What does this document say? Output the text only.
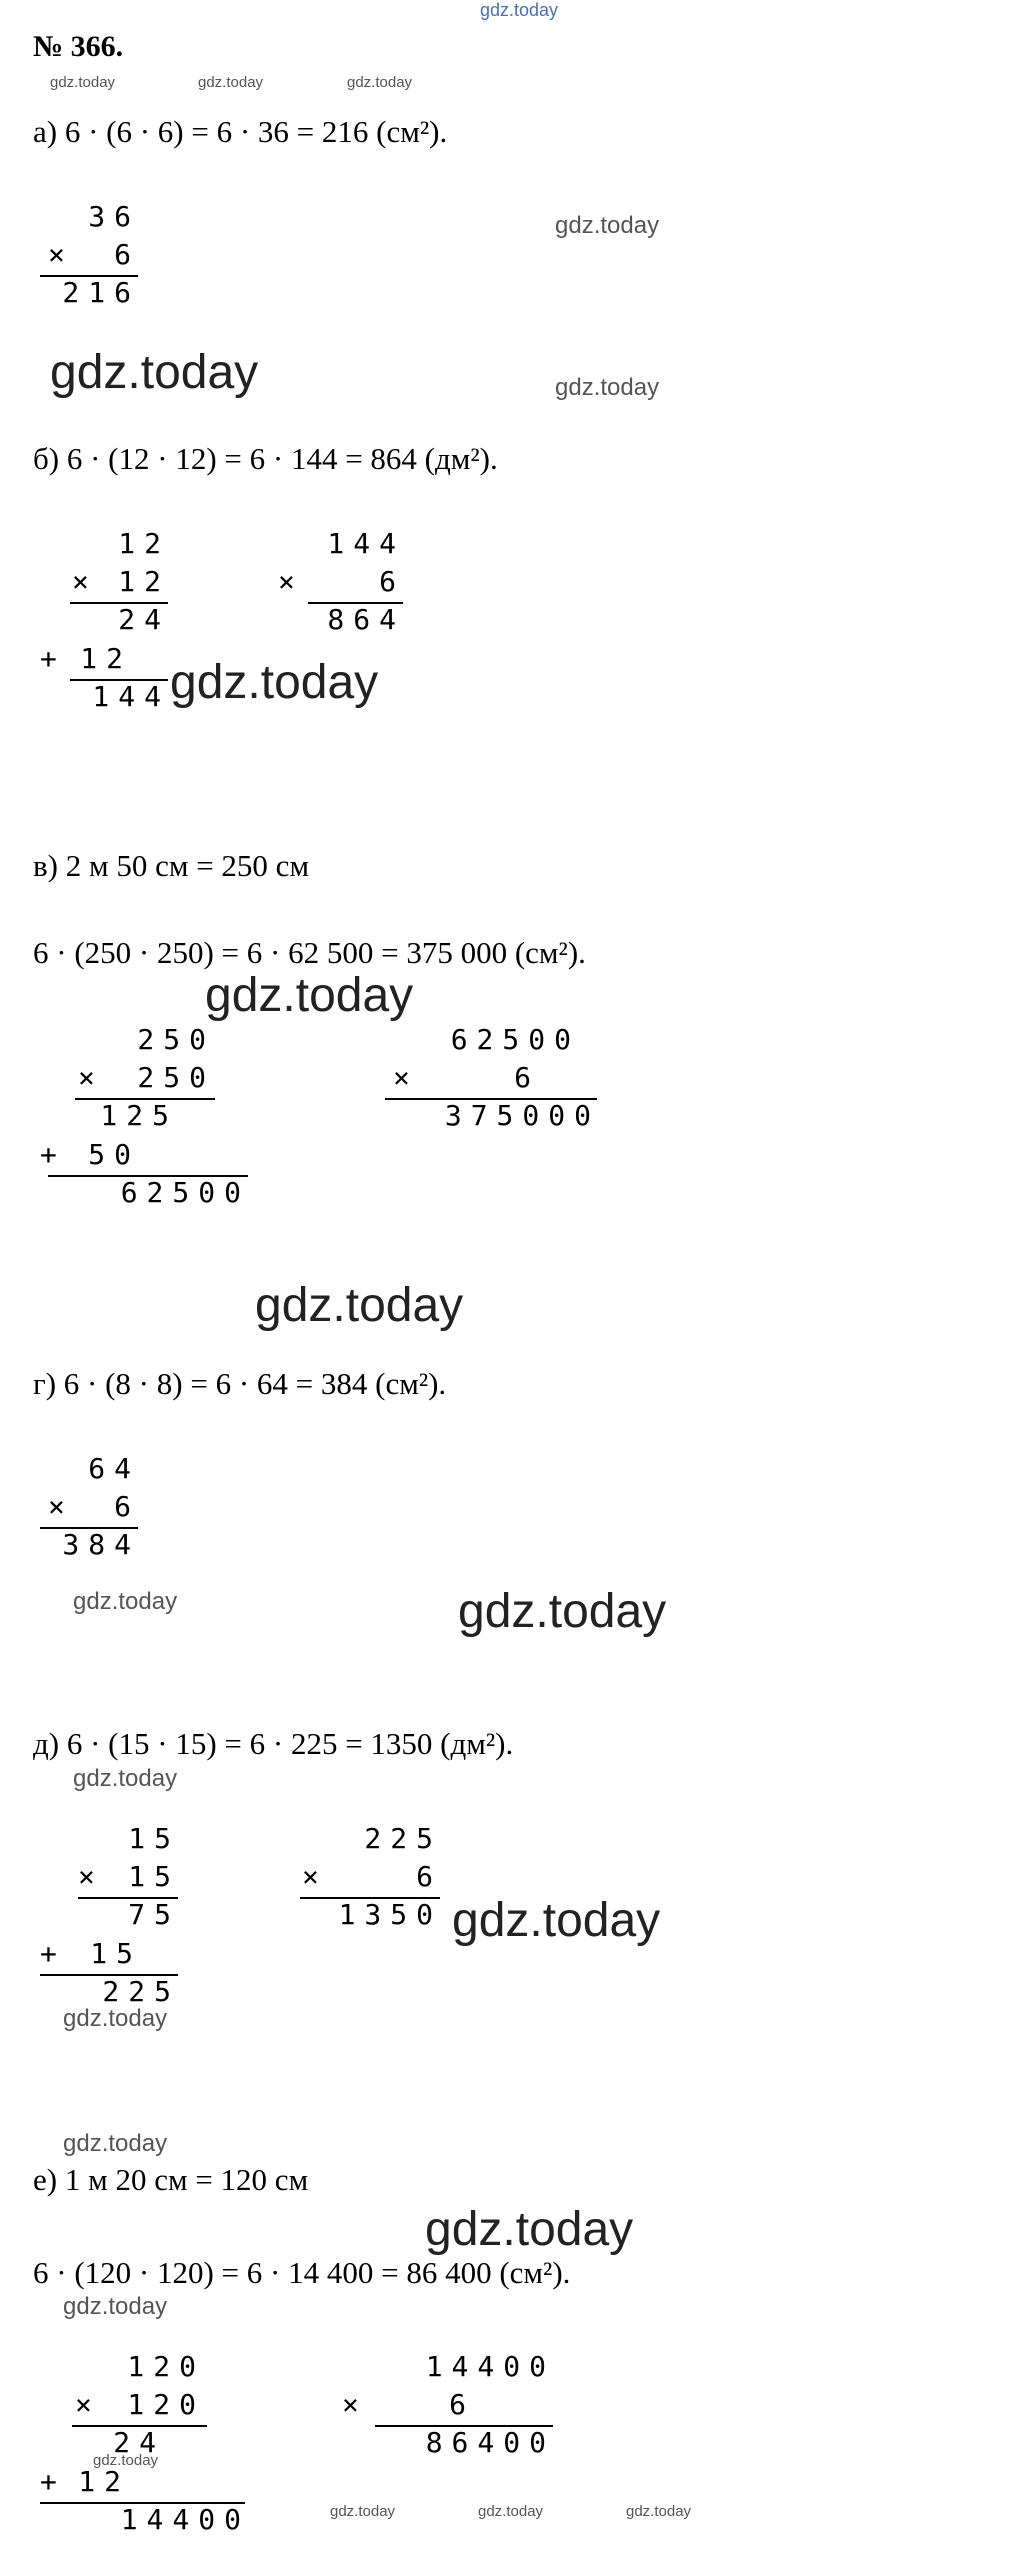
gdz.today
№ 366.
gdz.today	gdz.today	gdz.today
а) 6 · (6 · 6) = 6 · 36 = 216 (см²).
36
× 6
216
gdz.today
gdz.today	gdz.today
б) 6 · (12 · 12) = 6 · 144 = 864 (дм²).
12
× 12
24
+ 12
144
144
×	6
864
gdz.today
в) 2 м 50 см = 250 см
6 · (250 · 250) = 6 · 62 500 = 375 000 (см²).
gdz.today
250
× 250
125
+ 50
62500
62500
×	6
375000
gdz.today
г) 6 · (8 · 8) = 6 · 64 = 384 (см²).
64
× 6
384
gdz.today	gdz.today
д) 6 · (15 · 15) = 6 · 225 = 1350 (дм²).
gdz.today
15
× 15
75
+ 15
225
225
×	6
1350 gdz.today
gdz.today
gdz.today
е) 1 м 20 см = 120 см
gdz.today
6 · (120 · 120) = 6 · 14 400 = 86 400 (см²).
gdz.today
120
× 120
24
+ 12
14400
14400
×	6
86400
gdz.today
gdz.today	gdz.today	gdz.today
